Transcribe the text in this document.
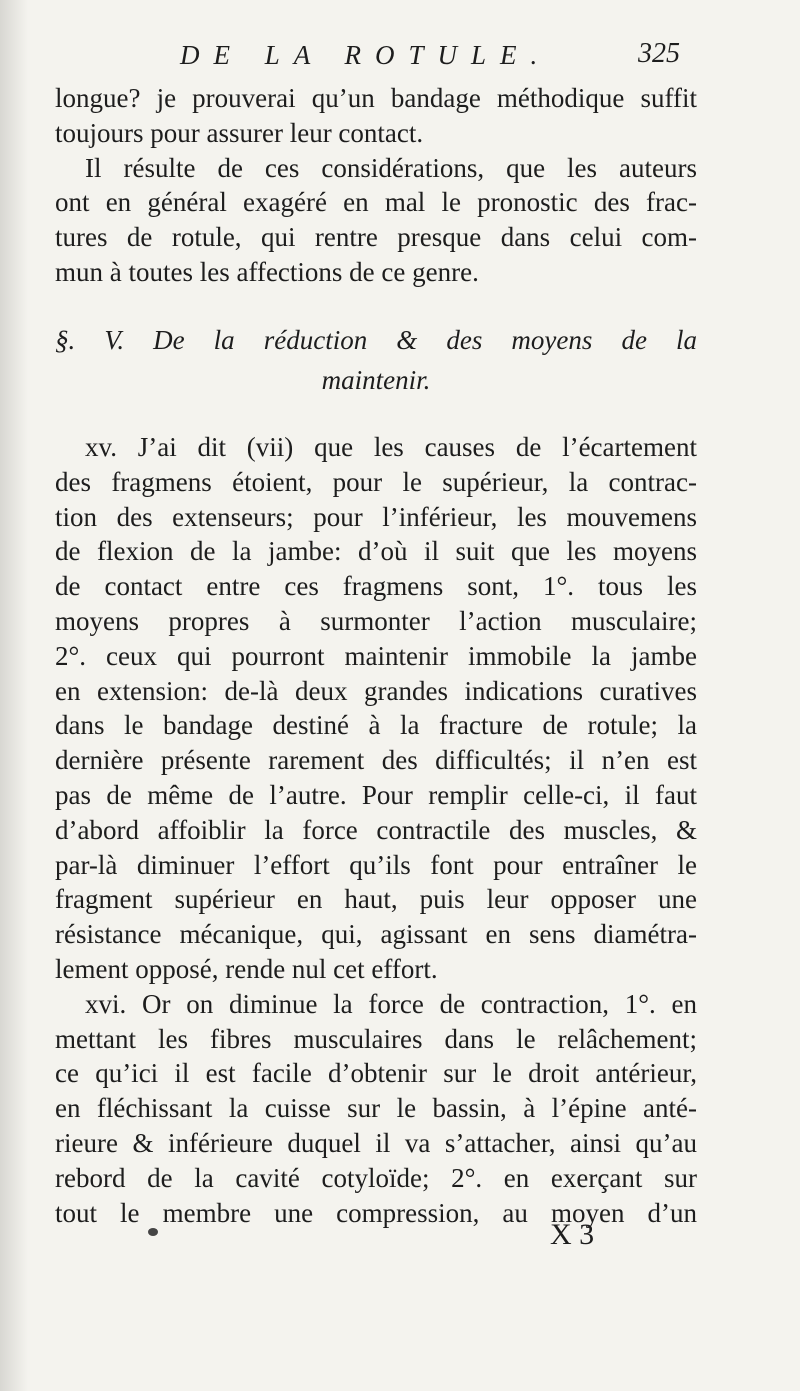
DE LA ROTULE.	325
longue? je prouverai qu’un bandage méthodique suffit
toujours pour assurer leur contact.
Il résulte de ces considérations, que les auteurs
ont en général exagéré en mal le pronostic des frac-
tures de rotule, qui rentre presque dans celui com-
mun à toutes les affections de ce genre.
§. V. De la réduction & des moyens de la
maintenir.
xv. J’ai dit (vii) que les causes de l’écartement
des fragmens étoient, pour le supérieur, la contrac-
tion des extenseurs; pour l’inférieur, les mouvemens
de flexion de la jambe: d’où il suit que les moyens
de contact entre ces fragmens sont, 1°. tous les
moyens propres à surmonter l’action musculaire;
2°. ceux qui pourront maintenir immobile la jambe
en extension: de-là deux grandes indications curatives
dans le bandage destiné à la fracture de rotule; la
dernière présente rarement des difficultés; il n’en est
pas de même de l’autre. Pour remplir celle-ci, il faut
d’abord affoiblir la force contractile des muscles, &
par-là diminuer l’effort qu’ils font pour entraîner le
fragment supérieur en haut, puis leur opposer une
résistance mécanique, qui, agissant en sens diamétra-
lement opposé, rende nul cet effort.
xvi. Or on diminue la force de contraction, 1°. en
mettant les fibres musculaires dans le relâchement;
ce qu’ici il est facile d’obtenir sur le droit antérieur,
en fléchissant la cuisse sur le bassin, à l’épine anté-
rieure & inférieure duquel il va s’attacher, ainsi qu’au
rebord de la cavité cotyloïde; 2°. en exerçant sur
tout le membre une compression, au moyen d’un
X 3
